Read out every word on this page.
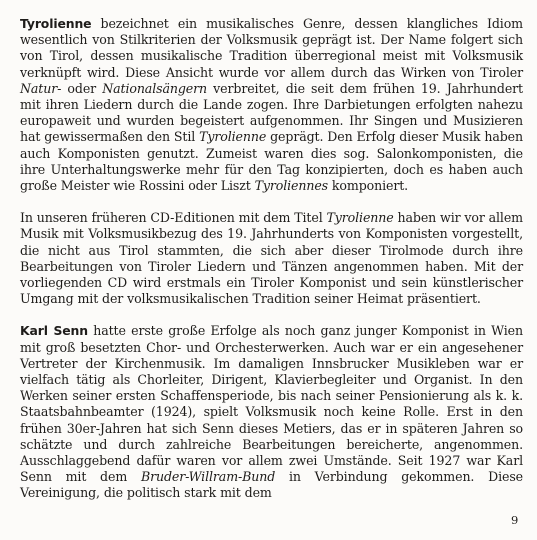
Tyrolienne bezeichnet ein musikalisches Genre, dessen klangliches Idiom wesentlich von Stilkriterien der Volksmusik geprägt ist. Der Name folgert sich von Tirol, dessen musikalische Tradition überregional meist mit Volksmusik verknüpft wird. Diese Ansicht wurde vor allem durch das Wirken von Tiroler Natur- oder Nationalsängern verbreitet, die seit dem frühen 19. Jahrhundert mit ihren Liedern durch die Lande zogen. Ihre Darbietungen erfolgten nahezu europaweit und wurden begeistert aufgenommen. Ihr Singen und Musizieren hat gewissermaßen den Stil Tyrolienne geprägt. Den Erfolg dieser Musik haben auch Komponisten genutzt. Zumeist waren dies sog. Salonkomponisten, die ihre Unterhaltungswerke mehr für den Tag konzipierten, doch es haben auch große Meister wie Rossini oder Liszt Tyroliennes komponiert.

In unseren früheren CD-Editionen mit dem Titel Tyrolienne haben wir vor allem Musik mit Volksmusikbezug des 19. Jahrhunderts von Komponisten vorgestellt, die nicht aus Tirol stammten, die sich aber dieser Tirolmode durch ihre Bearbeitungen von Tiroler Liedern und Tänzen angenommen haben. Mit der vorliegenden CD wird erstmals ein Tiroler Komponist und sein künstlerischer Umgang mit der volksmusikalischen Tradition seiner Heimat präsentiert.

Karl Senn hatte erste große Erfolge als noch ganz junger Komponist in Wien mit groß besetzten Chor- und Orchesterwerken. Auch war er ein angesehener Vertreter der Kirchenmusik. Im damaligen Innsbrucker Musikleben war er vielfach tätig als Chorleiter, Dirigent, Klavierbegleiter und Organist. In den Werken seiner ersten Schaffensperiode, bis nach seiner Pensionierung als k. k. Staatsbahnbeamter (1924), spielt Volksmusik noch keine Rolle. Erst in den frühen 30er-Jahren hat sich Senn dieses Metiers, das er in späteren Jahren so schätzte und durch zahlreiche Bearbeitungen bereicherte, angenommen. Ausschlaggebend dafür waren vor allem zwei Umstände. Seit 1927 war Karl Senn mit dem Bruder-Willram-Bund in Verbindung gekommen. Diese Vereinigung, die politisch stark mit dem

9
